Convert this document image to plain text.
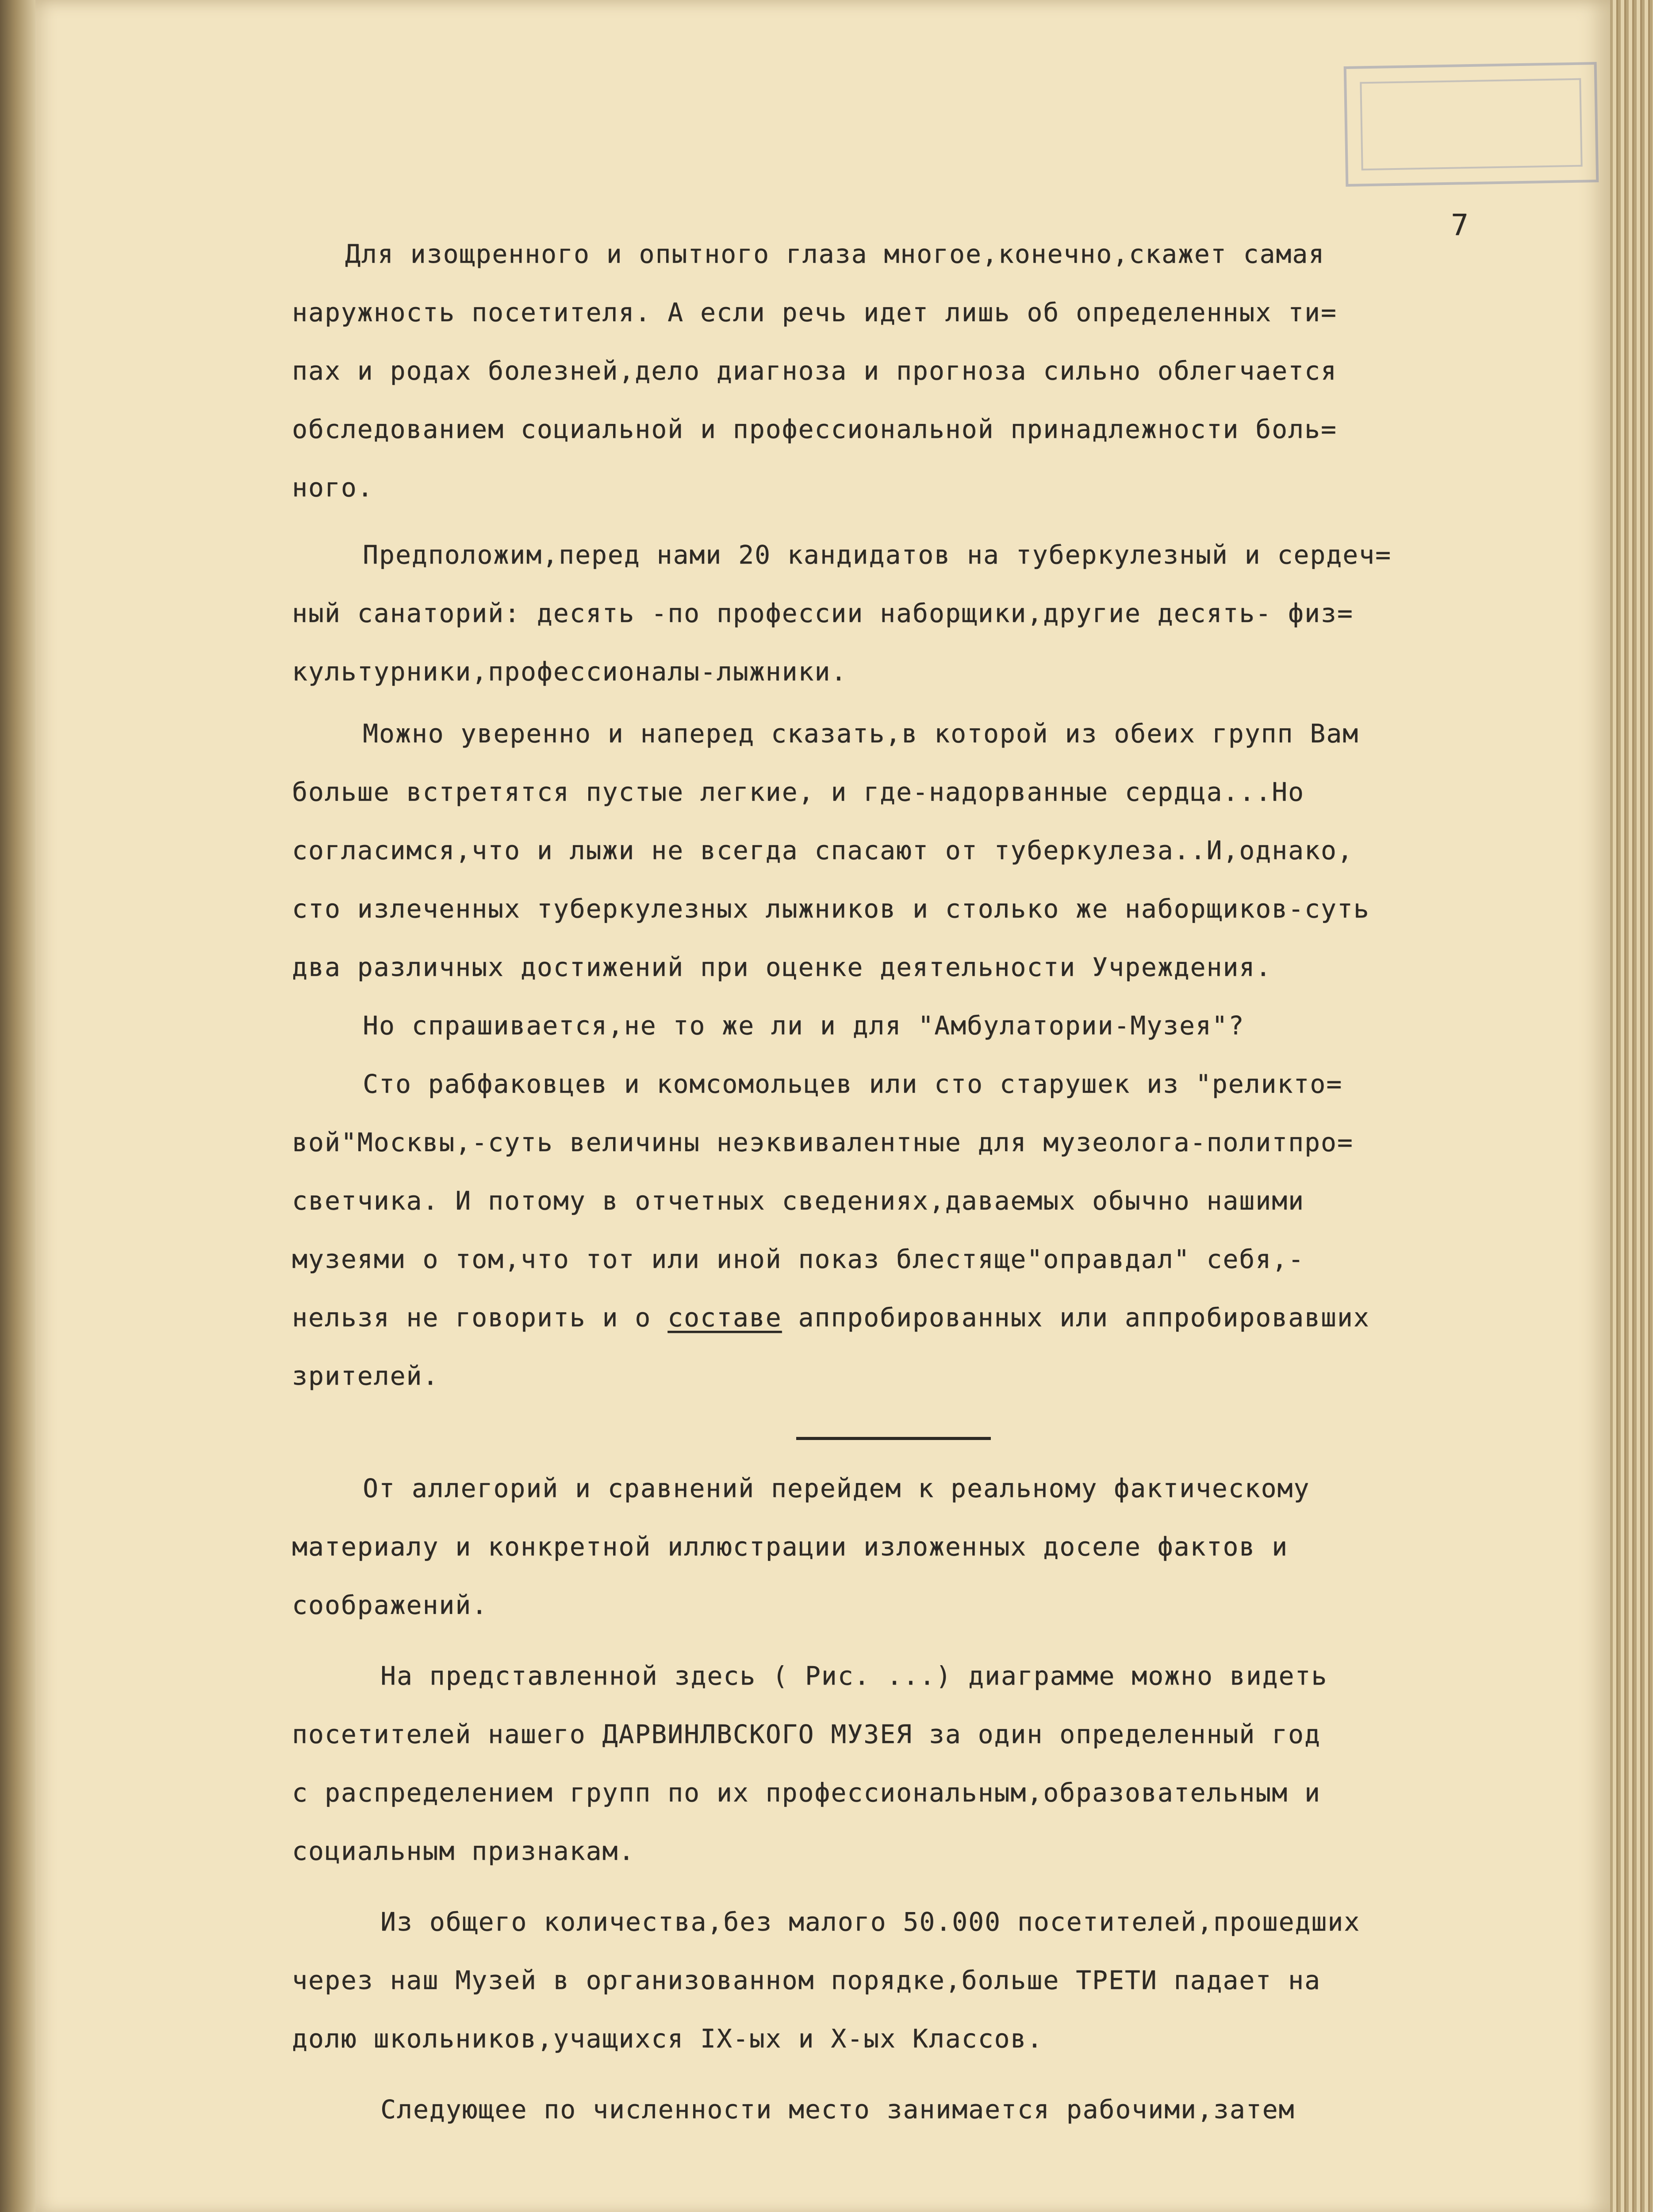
7
Для изощренного и опытного глаза многое,конечно,скажет самая
наружность посетителя. А если речь идет лишь об определенных ти=
пах и родах болезней,дело диагноза и прогноза сильно облегчается
обследованием социальной и профессиональной принадлежности боль=
ного.
Предположим,перед нами 20 кандидатов на туберкулезный и сердеч=
ный санаторий: десять -по профессии наборщики,другие десять- физ=
культурники,профессионалы-лыжники.
Можно уверенно и наперед сказать,в которой из обеих групп Вам
больше встретятся пустые легкие, и где-надорванные сердца...Но
согласимся,что и лыжи не всегда спасают от туберкулеза..И,однако,
сто излеченных туберкулезных лыжников и столько же наборщиков-суть
два различных достижений при оценке деятельности Учреждения.
Но спрашивается,не то же ли и для "Амбулатории-Музея"?
Сто рабфаковцев и комсомольцев или сто старушек из "реликто=
вой"Москвы,-суть величины неэквивалентные для музеолога-политпро=
светчика. И потому в отчетных сведениях,даваемых обычно нашими
музеями о том,что тот или иной показ блестяще"оправдал" себя,-
нельзя не говорить и о составе аппробированных или аппробировавших
зрителей.
От аллегорий и сравнений перейдем к реальному фактическому
материалу и конкретной иллюстрации изложенных доселе фактов и
соображений.
На представленной здесь ( Рис. ...) диаграмме можно видеть
посетителей нашего ДАРВИНЛВСКОГО МУЗЕЯ за один определенный год
с распределением групп по их профессиональным,образовательным и
социальным признакам.
Из общего количества,без малого 50.000 посетителей,прошедших
через наш Музей в организованном порядке,больше ТРЕТИ падает на
долю школьников,учащихся IX-ых и X-ых Классов.
Следующее по численности место занимается рабочими,затем
